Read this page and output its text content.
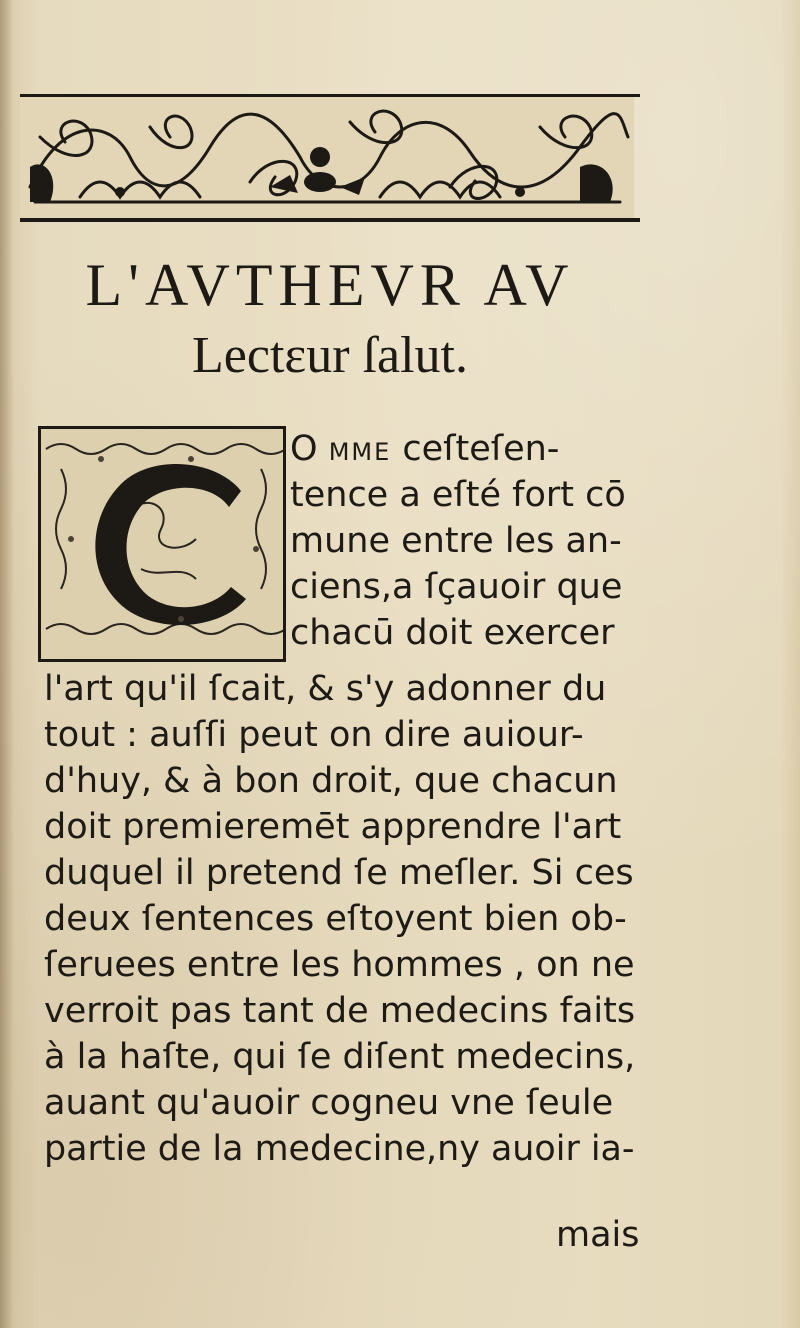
L'AVTHEVR AV
Lectεur ſalut.
O MME ceſteſen-
tence a eſté fort cō
mune entre les an-
ciens,a ſçauoir que
chacū doit exercer
l'art qu'il ſcait, & s'y adonner du
tout : auſſi peut on dire auiour-
d'huy, & à bon droit, que chacun
doit premieremēt apprendre l'art
duquel il pretend ſe meſler. Si ces
deux ſentences eſtoyent bien ob-
ſeruees entre les hommes , on ne
verroit pas tant de medecins faits
à la haſte, qui ſe diſent medecins,
auant qu'auoir cogneu vne ſeule
partie de la medecine,ny auoir ia-
mais
